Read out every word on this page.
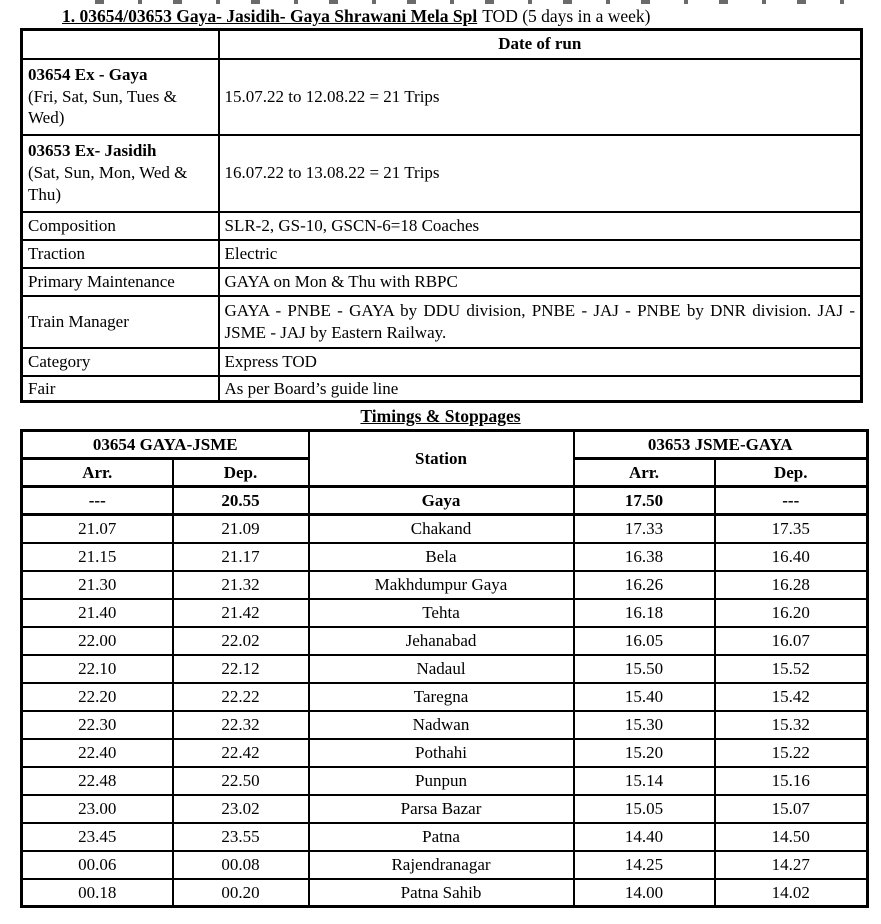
1. 03654/03653 Gaya- Jasidih- Gaya Shrawani Mela Spl TOD (5 days in a week)
	Date of run

03654 Ex - Gaya
(Fri, Sat, Sun, Tues & Wed)	15.07.22 to 12.08.22 = 21 Trips

03653 Ex- Jasidih
(Sat, Sun, Mon, Wed & Thu)	16.07.22 to 13.08.22 = 21 Trips
Composition	SLR-2, GS-10, GSCN-6=18 Coaches
Traction	Electric
Primary Maintenance	GAYA on Mon & Thu with RBPC
Train Manager	GAYA - PNBE - GAYA by DDU division, PNBE - JAJ - PNBE by DNR division. JAJ - JSME - JAJ by Eastern Railway.
Category	Express TOD
Fair	As per Board’s guide line
Timings & Stoppages
03654 GAYA-JSME		Station	03653 JSME-GAYA	
Arr.	Dep.		Arr.	Dep.
---	20.55	Gaya	17.50	---
21.07	21.09	Chakand	17.33	17.35
21.15	21.17	Bela	16.38	16.40
21.30	21.32	Makhdumpur Gaya	16.26	16.28
21.40	21.42	Tehta	16.18	16.20
22.00	22.02	Jehanabad	16.05	16.07
22.10	22.12	Nadaul	15.50	15.52
22.20	22.22	Taregna	15.40	15.42
22.30	22.32	Nadwan	15.30	15.32
22.40	22.42	Pothahi	15.20	15.22
22.48	22.50	Punpun	15.14	15.16
23.00	23.02	Parsa Bazar	15.05	15.07
23.45	23.55	Patna	14.40	14.50
00.06	00.08	Rajendranagar	14.25	14.27
00.18	00.20	Patna Sahib	14.00	14.02
